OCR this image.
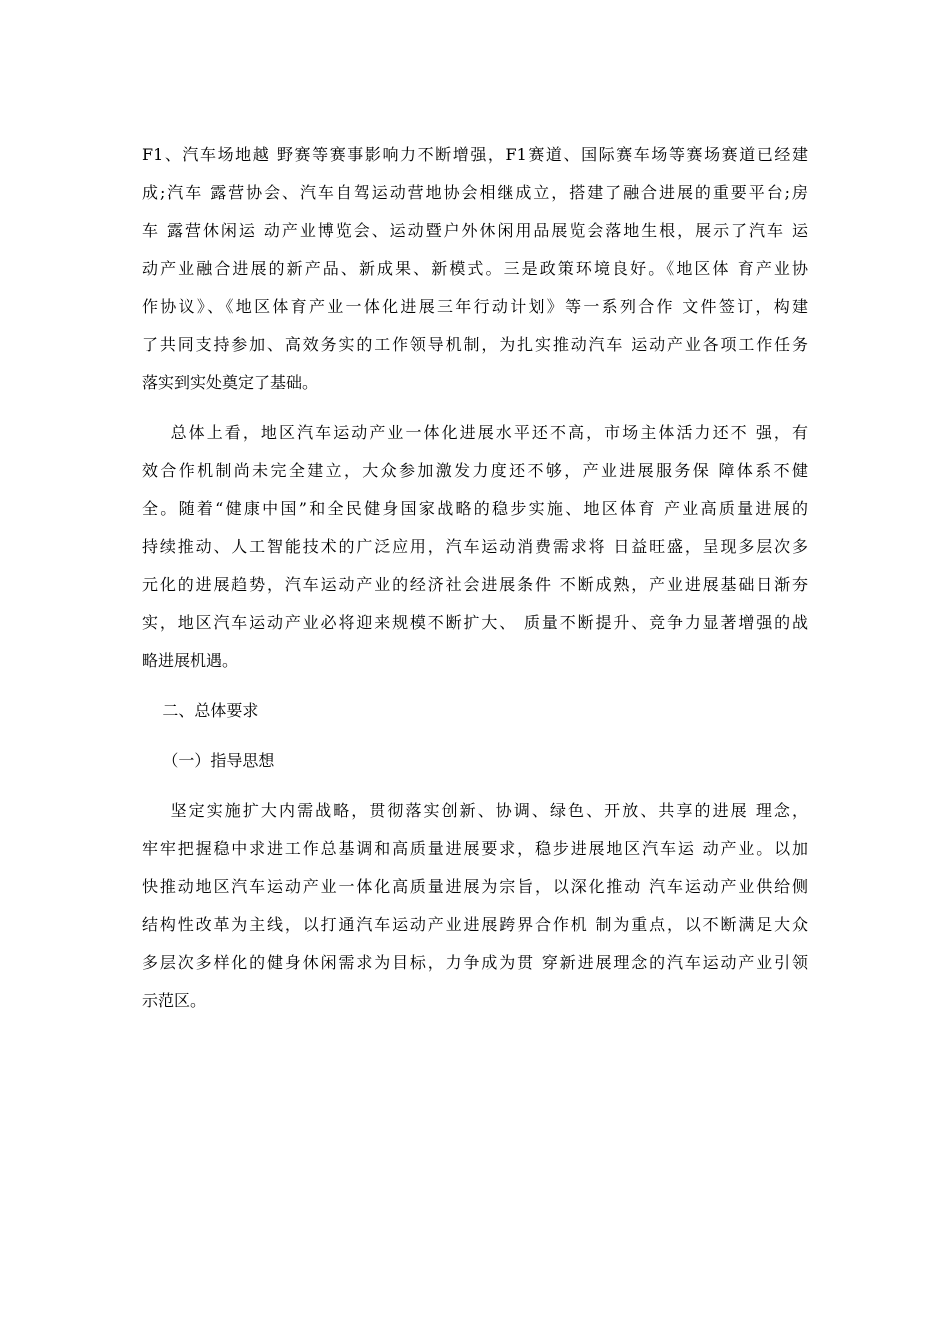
F1、汽车场地越 野赛等赛事影响力不断增强，F1赛道、国际赛车场等赛场赛道已经建
成;汽车 露营协会、汽车自驾运动营地协会相继成立，搭建了融合进展的重要平台;房
车 露营休闲运 动产业博览会、运动暨户外休闲用品展览会落地生根，展示了汽车 运
动产业融合进展的新产品、新成果、新模式。三是政策环境良好。《地区体 育产业协
作协议》、《地区体育产业一体化进展三年行动计划》等一系列合作 文件签订，构建
了共同支持参加、高效务实的工作领导机制，为扎实推动汽车 运动产业各项工作任务
落实到实处奠定了基础。
总体上看，地区汽车运动产业一体化进展水平还不高，市场主体活力还不 强，有
效合作机制尚未完全建立，大众参加激发力度还不够，产业进展服务保 障体系不健
全。随着“健康中国”和全民健身国家战略的稳步实施、地区体育 产业高质量进展的
持续推动、人工智能技术的广泛应用，汽车运动消费需求将 日益旺盛，呈现多层次多
元化的进展趋势，汽车运动产业的经济社会进展条件 不断成熟，产业进展基础日渐夯
实，地区汽车运动产业必将迎来规模不断扩大、 质量不断提升、竞争力显著增强的战
略进展机遇。
二、总体要求
（一）指导思想
坚定实施扩大内需战略，贯彻落实创新、协调、绿色、开放、共享的进展 理念，
牢牢把握稳中求进工作总基调和高质量进展要求，稳步进展地区汽车运 动产业。以加
快推动地区汽车运动产业一体化高质量进展为宗旨，以深化推动 汽车运动产业供给侧
结构性改革为主线，以打通汽车运动产业进展跨界合作机 制为重点，以不断满足大众
多层次多样化的健身休闲需求为目标，力争成为贯 穿新进展理念的汽车运动产业引领
示范区。
